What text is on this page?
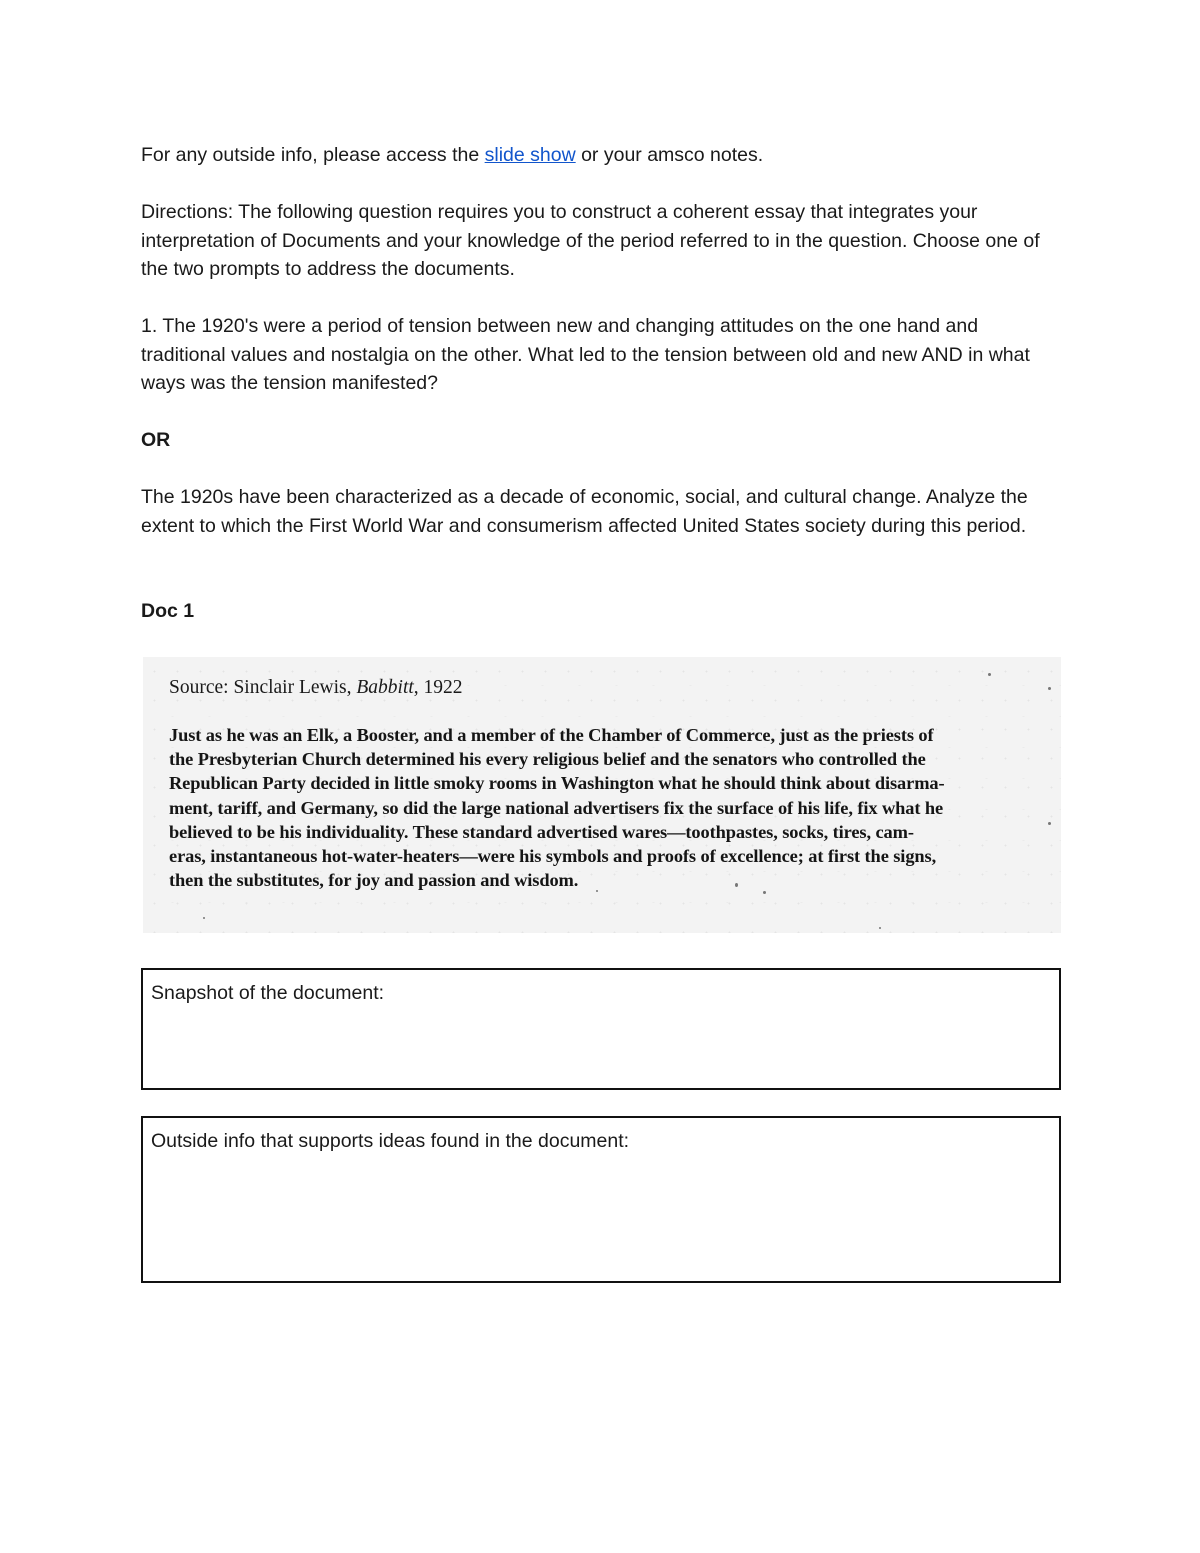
For any outside info, please access the slide show or your amsco notes.

Directions: The following question requires you to construct a coherent essay that integrates your interpretation of Documents and your knowledge of the period referred to in the question. Choose one of the two prompts to address the documents.

1. The 1920's were a period of tension between new and changing attitudes on the one hand and traditional values and nostalgia on the other. What led to the tension between old and new AND in what ways was the tension manifested?

OR

The 1920s have been characterized as a decade of economic, social, and cultural change. Analyze the extent to which the First World War and consumerism affected United States society during this period.

Doc 1

Source: Sinclair Lewis, Babbitt, 1922
Just as he was an Elk, a Booster, and a member of the Chamber of Commerce, just as the priests of
the Presbyterian Church determined his every religious belief and the senators who controlled the
Republican Party decided in little smoky rooms in Washington what he should think about disarma-
ment, tariff, and Germany, so did the large national advertisers fix the surface of his life, fix what he
believed to be his individuality. These standard advertised wares—toothpastes, socks, tires, cam-
eras, instantaneous hot-water-heaters—were his symbols and proofs of excellence; at first the signs,
then the substitutes, for joy and passion and wisdom.
Snapshot of the document:
Outside info that supports ideas found in the document:
